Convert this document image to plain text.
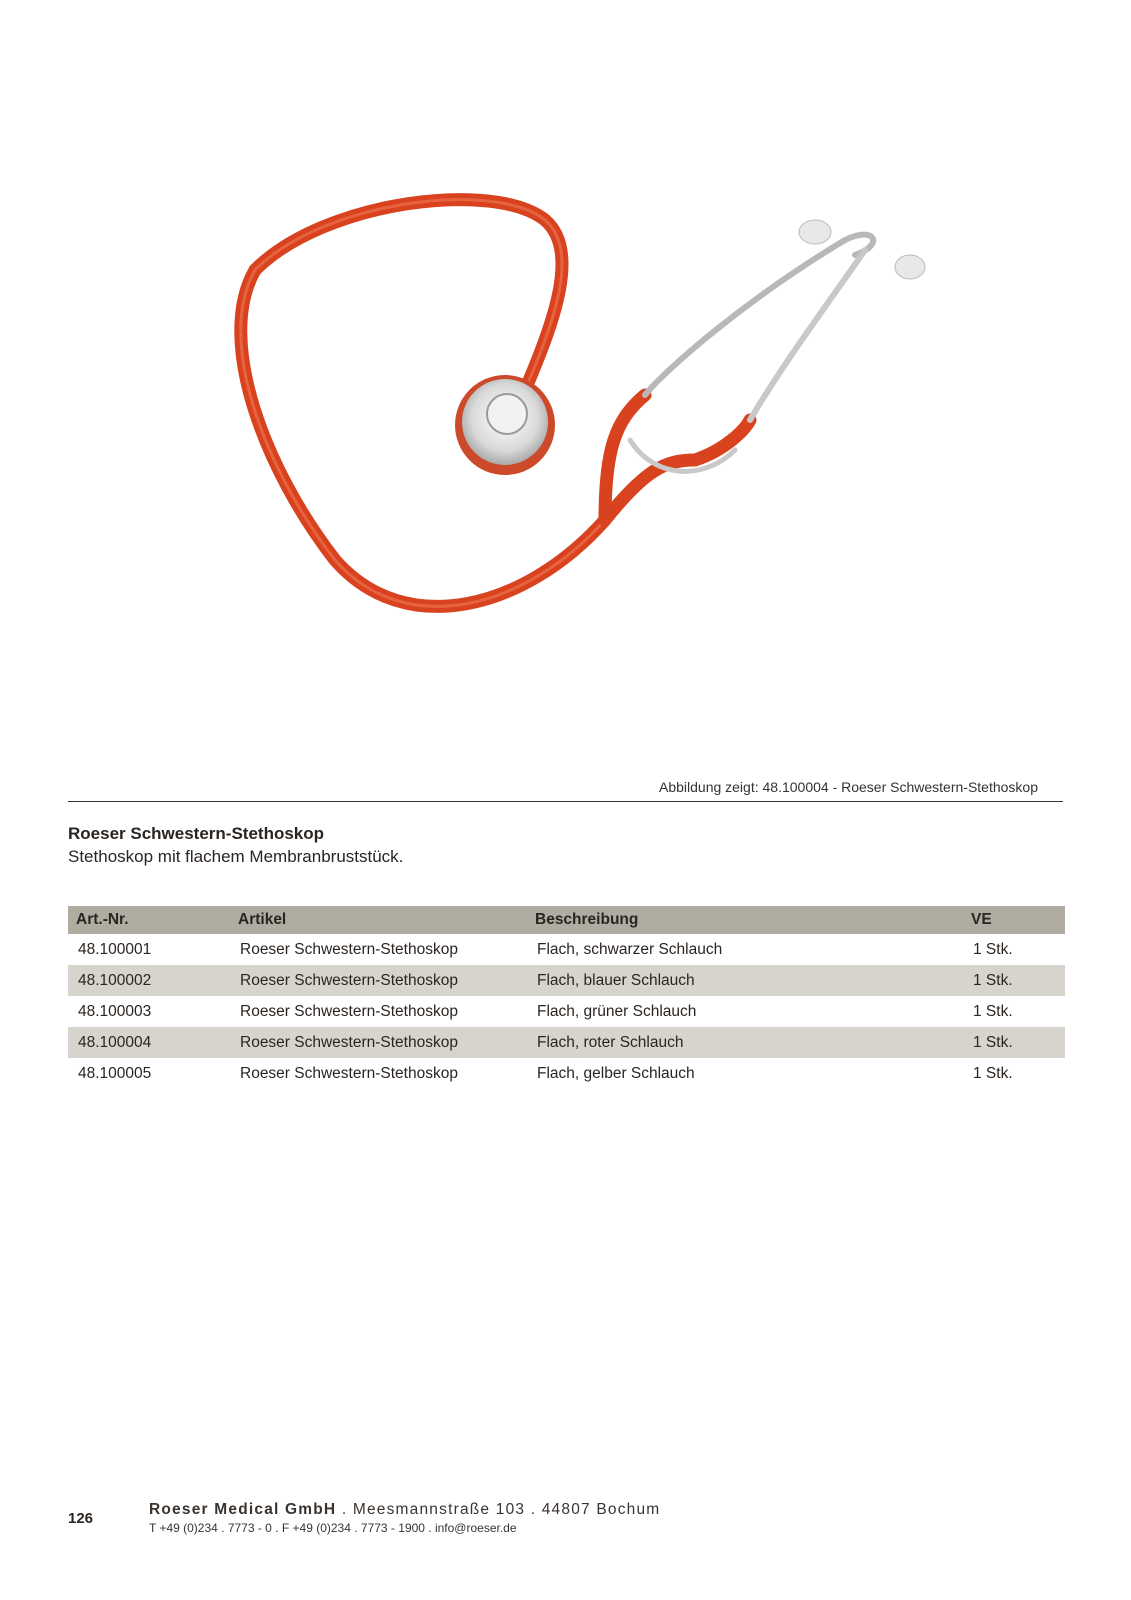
Abbildung zeigt: 48.100004 - Roeser Schwestern-Stethoskop
Roeser Schwestern-Stethoskop
Stethoskop mit flachem Membranbruststück.
Art.-Nr.	Artikel	Beschreibung	VE
48.100001	Roeser Schwestern-Stethoskop	Flach, schwarzer Schlauch	1 Stk.
48.100002	Roeser Schwestern-Stethoskop	Flach, blauer Schlauch	1 Stk.
48.100003	Roeser Schwestern-Stethoskop	Flach, grüner Schlauch	1 Stk.
48.100004	Roeser Schwestern-Stethoskop	Flach, roter Schlauch	1 Stk.
48.100005	Roeser Schwestern-Stethoskop	Flach, gelber Schlauch	1 Stk.
126
Roeser Medical GmbH . Meesmannstraße 103 . 44807 Bochum
T +49 (0)234 . 7773 - 0 . F +49 (0)234 . 7773 - 1900 . info@roeser.de
